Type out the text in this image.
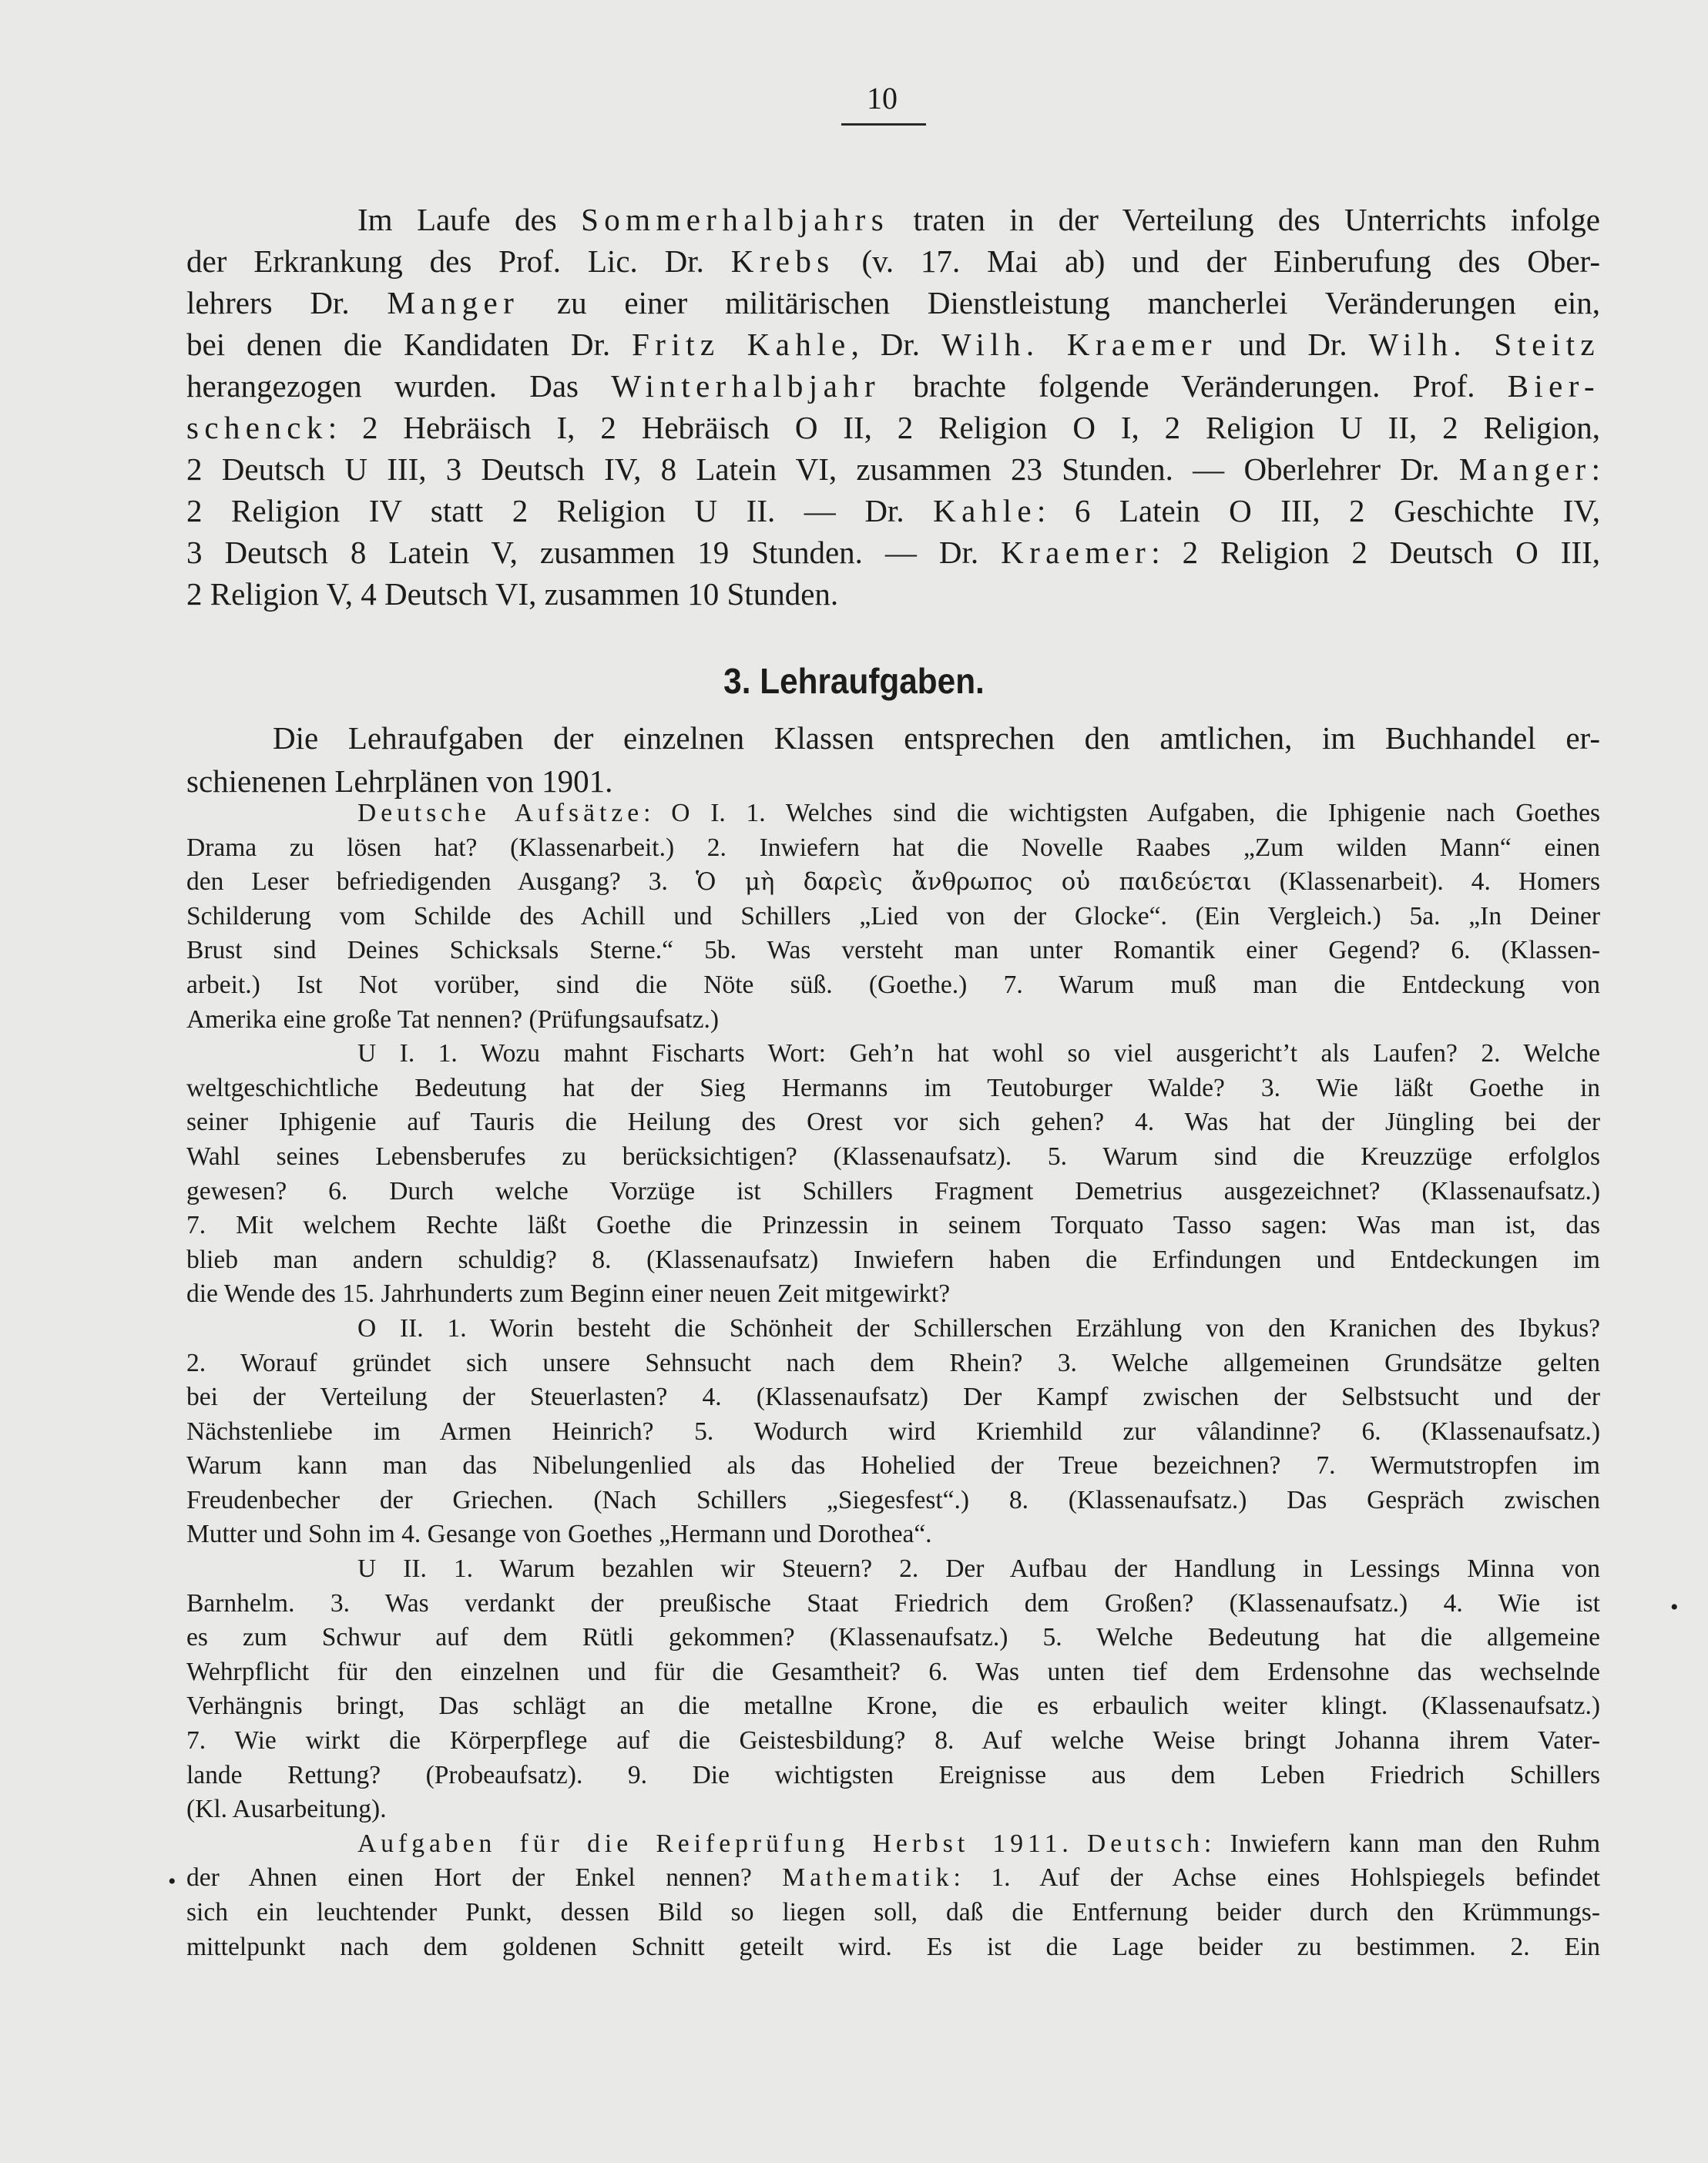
10
Im Laufe des Sommerhalbjahrs traten in der Verteilung des Unterrichts infolge
der Erkrankung des Prof. Lic. Dr. Krebs (v. 17. Mai ab) und der Einberufung des Ober-
lehrers Dr. Manger zu einer militärischen Dienstleistung mancherlei Veränderungen ein,
bei denen die Kandidaten Dr. Fritz Kahle, Dr. Wilh. Kraemer und Dr. Wilh. Steitz
herangezogen wurden. Das Winterhalbjahr brachte folgende Veränderungen. Prof. Bier-
schenck: 2 Hebräisch I, 2 Hebräisch O II, 2 Religion O I, 2 Religion U II, 2 Religion,
2 Deutsch U III, 3 Deutsch IV, 8 Latein VI, zusammen 23 Stunden. — Oberlehrer Dr. Manger:
2 Religion IV statt 2 Religion U II. — Dr. Kahle: 6 Latein O III, 2 Geschichte IV,
3 Deutsch 8 Latein V, zusammen 19 Stunden. — Dr. Kraemer: 2 Religion 2 Deutsch O III,
2 Religion V, 4 Deutsch VI, zusammen 10 Stunden.
3. Lehraufgaben.
Die Lehraufgaben der einzelnen Klassen entsprechen den amtlichen, im Buchhandel er-
schienenen Lehrplänen von 1901.
Deutsche Aufsätze: O I. 1. Welches sind die wichtigsten Aufgaben, die Iphigenie nach Goethes
Drama zu lösen hat? (Klassenarbeit.) 2. Inwiefern hat die Novelle Raabes „Zum wilden Mann“ einen
den Leser befriedigenden Ausgang? 3. Ὁ μὴ δαρεὶς ἄνθρωπος οὐ παιδεύεται (Klassenarbeit). 4. Homers
Schilderung vom Schilde des Achill und Schillers „Lied von der Glocke“. (Ein Vergleich.) 5a. „In Deiner
Brust sind Deines Schicksals Sterne.“ 5b. Was versteht man unter Romantik einer Gegend? 6. (Klassen-
arbeit.) Ist Not vorüber, sind die Nöte süß. (Goethe.) 7. Warum muß man die Entdeckung von
Amerika eine große Tat nennen? (Prüfungsaufsatz.)
U I. 1. Wozu mahnt Fischarts Wort: Geh’n hat wohl so viel ausgericht’t als Laufen? 2. Welche
weltgeschichtliche Bedeutung hat der Sieg Hermanns im Teutoburger Walde? 3. Wie läßt Goethe in
seiner Iphigenie auf Tauris die Heilung des Orest vor sich gehen? 4. Was hat der Jüngling bei der
Wahl seines Lebensberufes zu berücksichtigen? (Klassenaufsatz). 5. Warum sind die Kreuzzüge erfolglos
gewesen? 6. Durch welche Vorzüge ist Schillers Fragment Demetrius ausgezeichnet? (Klassenaufsatz.)
7. Mit welchem Rechte läßt Goethe die Prinzessin in seinem Torquato Tasso sagen: Was man ist, das
blieb man andern schuldig? 8. (Klassenaufsatz) Inwiefern haben die Erfindungen und Entdeckungen im
die Wende des 15. Jahrhunderts zum Beginn einer neuen Zeit mitgewirkt?
O II. 1. Worin besteht die Schönheit der Schillerschen Erzählung von den Kranichen des Ibykus?
2. Worauf gründet sich unsere Sehnsucht nach dem Rhein? 3. Welche allgemeinen Grundsätze gelten
bei der Verteilung der Steuerlasten? 4. (Klassenaufsatz) Der Kampf zwischen der Selbstsucht und der
Nächstenliebe im Armen Heinrich? 5. Wodurch wird Kriemhild zur vâlandinne? 6. (Klassenaufsatz.)
Warum kann man das Nibelungenlied als das Hohelied der Treue bezeichnen? 7. Wermutstropfen im
Freudenbecher der Griechen. (Nach Schillers „Siegesfest“.) 8. (Klassenaufsatz.) Das Gespräch zwischen
Mutter und Sohn im 4. Gesange von Goethes „Hermann und Dorothea“.
U II. 1. Warum bezahlen wir Steuern? 2. Der Aufbau der Handlung in Lessings Minna von
Barnhelm. 3. Was verdankt der preußische Staat Friedrich dem Großen? (Klassenaufsatz.) 4. Wie ist
es zum Schwur auf dem Rütli gekommen? (Klassenaufsatz.) 5. Welche Bedeutung hat die allgemeine
Wehrpflicht für den einzelnen und für die Gesamtheit? 6. Was unten tief dem Erdensohne das wechselnde
Verhängnis bringt, Das schlägt an die metallne Krone, die es erbaulich weiter klingt. (Klassenaufsatz.)
7. Wie wirkt die Körperpflege auf die Geistesbildung? 8. Auf welche Weise bringt Johanna ihrem Vater-
lande Rettung? (Probeaufsatz). 9. Die wichtigsten Ereignisse aus dem Leben Friedrich Schillers
(Kl. Ausarbeitung).
Aufgaben für die Reifeprüfung Herbst 1911. Deutsch: Inwiefern kann man den Ruhm
der Ahnen einen Hort der Enkel nennen? Mathematik: 1. Auf der Achse eines Hohlspiegels befindet
sich ein leuchtender Punkt, dessen Bild so liegen soll, daß die Entfernung beider durch den Krümmungs-
mittelpunkt nach dem goldenen Schnitt geteilt wird. Es ist die Lage beider zu bestimmen. 2. Ein
•
•
